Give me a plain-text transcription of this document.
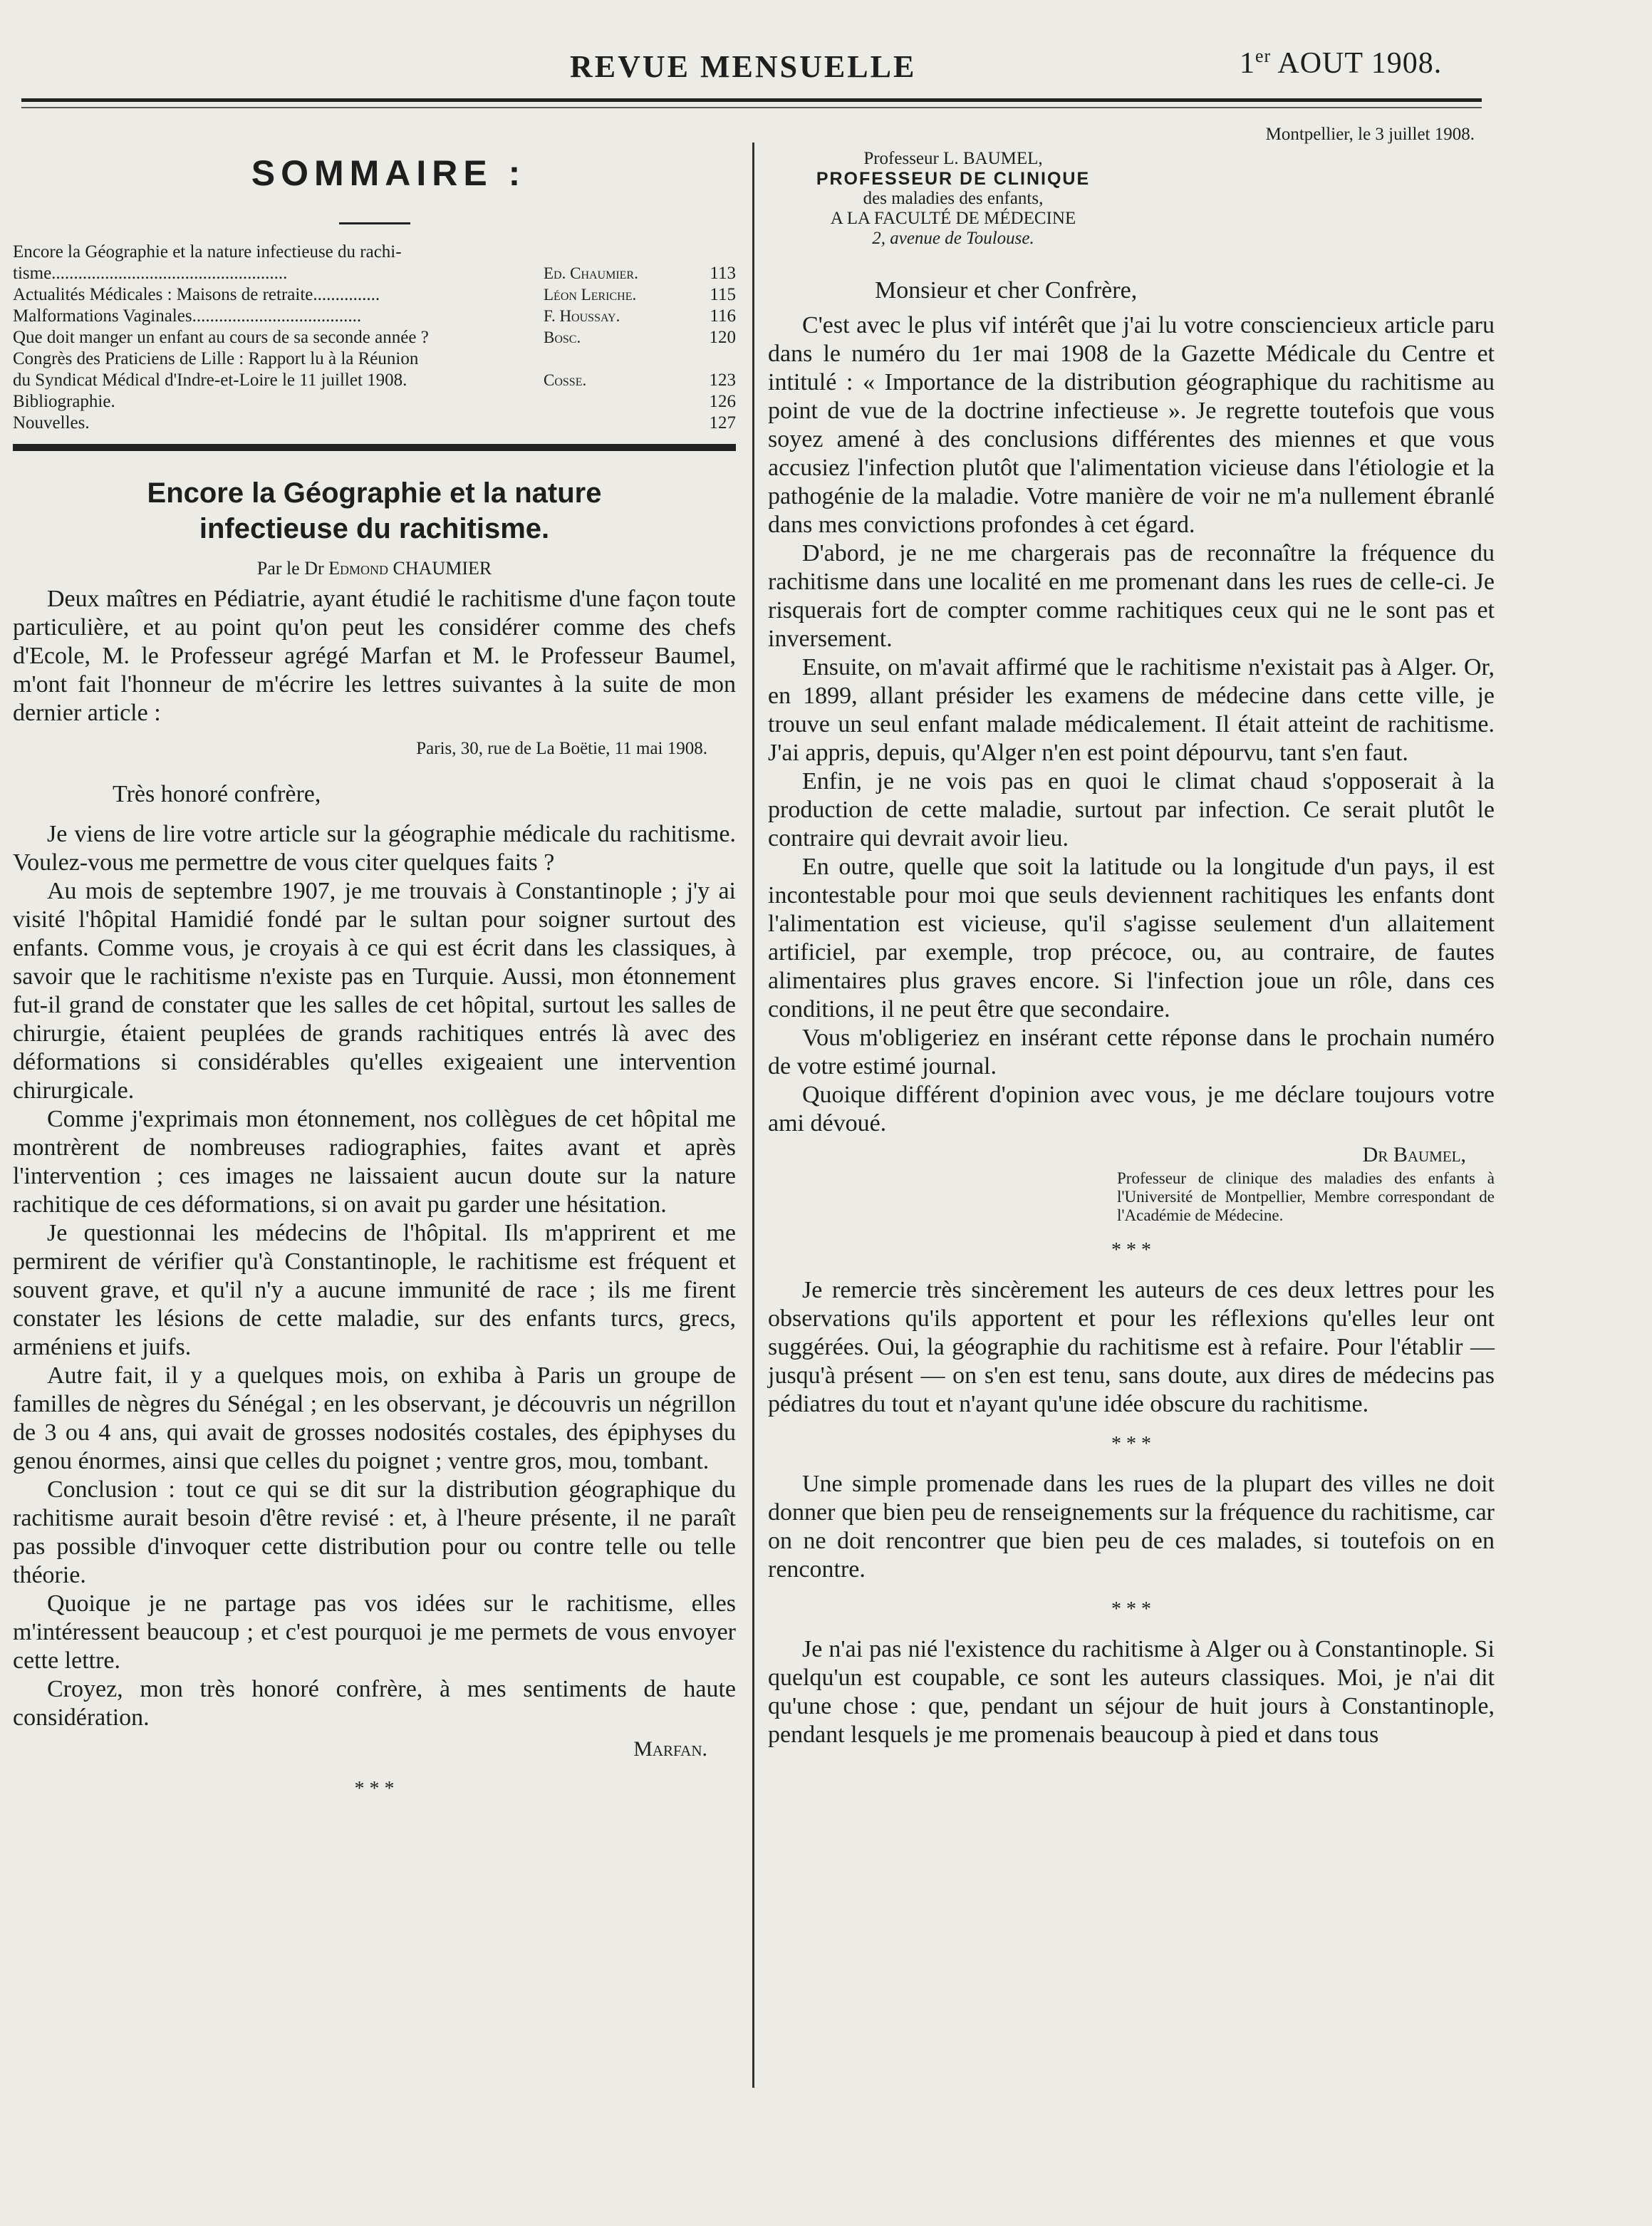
REVUE MENSUELLE	1er AOUT 1908.
SOMMAIRE :
Encore la Géographie et la nature infectieuse du rachi-
tisme.....................................................	Ed. Chaumier.	113
Actualités Médicales : Maisons de retraite...............	Léon Leriche.	115
Malformations Vaginales......................................	F. Houssay.	116
Que doit manger un enfant au cours de sa seconde année ?	Bosc.	120
Congrès des Praticiens de Lille : Rapport lu à la Réunion
du Syndicat Médical d'Indre-et-Loire le 11 juillet 1908.	Cosse.	123
Bibliographie.	126
Nouvelles.	127
Encore la Géographie et la nature
infectieuse du rachitisme.
Par le Dr Edmond CHAUMIER

Deux maîtres en Pédiatrie, ayant étudié le rachitisme d'une façon toute particulière, et au point qu'on peut les considérer comme des chefs d'Ecole, M. le Professeur agrégé Marfan et M. le Professeur Baumel, m'ont fait l'honneur de m'écrire les lettres suivantes à la suite de mon dernier article :

Paris, 30, rue de La Boëtie, 11 mai 1908.
Très honoré confrère,

Je viens de lire votre article sur la géographie médicale du rachitisme. Voulez-vous me permettre de vous citer quelques faits ?

Au mois de septembre 1907, je me trouvais à Constantinople ; j'y ai visité l'hôpital Hamidié fondé par le sultan pour soigner surtout des enfants. Comme vous, je croyais à ce qui est écrit dans les classiques, à savoir que le rachitisme n'existe pas en Turquie. Aussi, mon étonnement fut-il grand de constater que les salles de cet hôpital, surtout les salles de chirurgie, étaient peuplées de grands rachitiques entrés là avec des déformations si considérables qu'elles exigeaient une intervention chirurgicale.

Comme j'exprimais mon étonnement, nos collègues de cet hôpital me montrèrent de nombreuses radiographies, faites avant et après l'intervention ; ces images ne laissaient aucun doute sur la nature rachitique de ces déformations, si on avait pu garder une hésitation.

Je questionnai les médecins de l'hôpital. Ils m'apprirent et me permirent de vérifier qu'à Constantinople, le rachitisme est fréquent et souvent grave, et qu'il n'y a aucune immunité de race ; ils me firent constater les lésions de cette maladie, sur des enfants turcs, grecs, arméniens et juifs.

Autre fait, il y a quelques mois, on exhiba à Paris un groupe de familles de nègres du Sénégal ; en les observant, je découvris un négrillon de 3 ou 4 ans, qui avait de grosses nodosités costales, des épiphyses du genou énormes, ainsi que celles du poignet ; ventre gros, mou, tombant.

Conclusion : tout ce qui se dit sur la distribution géographique du rachitisme aurait besoin d'être revisé : et, à l'heure présente, il ne paraît pas possible d'invoquer cette distribution pour ou contre telle ou telle théorie.

Quoique je ne partage pas vos idées sur le rachitisme, elles m'intéressent beaucoup ; et c'est pourquoi je me permets de vous envoyer cette lettre.

Croyez, mon très honoré confrère, à mes sentiments de haute considération.

Marfan.
* * *
Montpellier, le 3 juillet 1908.
Professeur L. BAUMEL,
PROFESSEUR DE CLINIQUE
des maladies des enfants,
A LA FACULTÉ DE MÉDECINE
2, avenue de Toulouse.
Monsieur et cher Confrère,

C'est avec le plus vif intérêt que j'ai lu votre consciencieux article paru dans le numéro du 1er mai 1908 de la Gazette Médicale du Centre et intitulé : « Importance de la distribution géographique du rachitisme au point de vue de la doctrine infectieuse ». Je regrette toutefois que vous soyez amené à des conclusions différentes des miennes et que vous accusiez l'infection plutôt que l'alimentation vicieuse dans l'étiologie et la pathogénie de la maladie. Votre manière de voir ne m'a nullement ébranlé dans mes convictions profondes à cet égard.

D'abord, je ne me chargerais pas de reconnaître la fréquence du rachitisme dans une localité en me promenant dans les rues de celle-ci. Je risquerais fort de compter comme rachitiques ceux qui ne le sont pas et inversement.

Ensuite, on m'avait affirmé que le rachitisme n'existait pas à Alger. Or, en 1899, allant présider les examens de médecine dans cette ville, je trouve un seul enfant malade médicalement. Il était atteint de rachitisme. J'ai appris, depuis, qu'Alger n'en est point dépourvu, tant s'en faut.

Enfin, je ne vois pas en quoi le climat chaud s'opposerait à la production de cette maladie, surtout par infection. Ce serait plutôt le contraire qui devrait avoir lieu.

En outre, quelle que soit la latitude ou la longitude d'un pays, il est incontestable pour moi que seuls deviennent rachitiques les enfants dont l'alimentation est vicieuse, qu'il s'agisse seulement d'un allaitement artificiel, par exemple, trop précoce, ou, au contraire, de fautes alimentaires plus graves encore. Si l'infection joue un rôle, dans ces conditions, il ne peut être que secondaire.

Vous m'obligeriez en insérant cette réponse dans le prochain numéro de votre estimé journal.

Quoique différent d'opinion avec vous, je me déclare toujours votre ami dévoué.

Dr Baumel,
Professeur de clinique des maladies des enfants à l'Université de Montpellier, Membre correspondant de l'Académie de Médecine.
* * *

Je remercie très sincèrement les auteurs de ces deux lettres pour les observations qu'ils apportent et pour les réflexions qu'elles leur ont suggérées. Oui, la géographie du rachitisme est à refaire. Pour l'établir — jusqu'à présent — on s'en est tenu, sans doute, aux dires de médecins pas pédiatres du tout et n'ayant qu'une idée obscure du rachitisme.

* * *

Une simple promenade dans les rues de la plupart des villes ne doit donner que bien peu de renseignements sur la fréquence du rachitisme, car on ne doit rencontrer que bien peu de ces malades, si toutefois on en rencontre.

* * *

Je n'ai pas nié l'existence du rachitisme à Alger ou à Constantinople. Si quelqu'un est coupable, ce sont les auteurs classiques. Moi, je n'ai dit qu'une chose : que, pendant un séjour de huit jours à Constantinople, pendant lesquels je me promenais beaucoup à pied et dans tous
